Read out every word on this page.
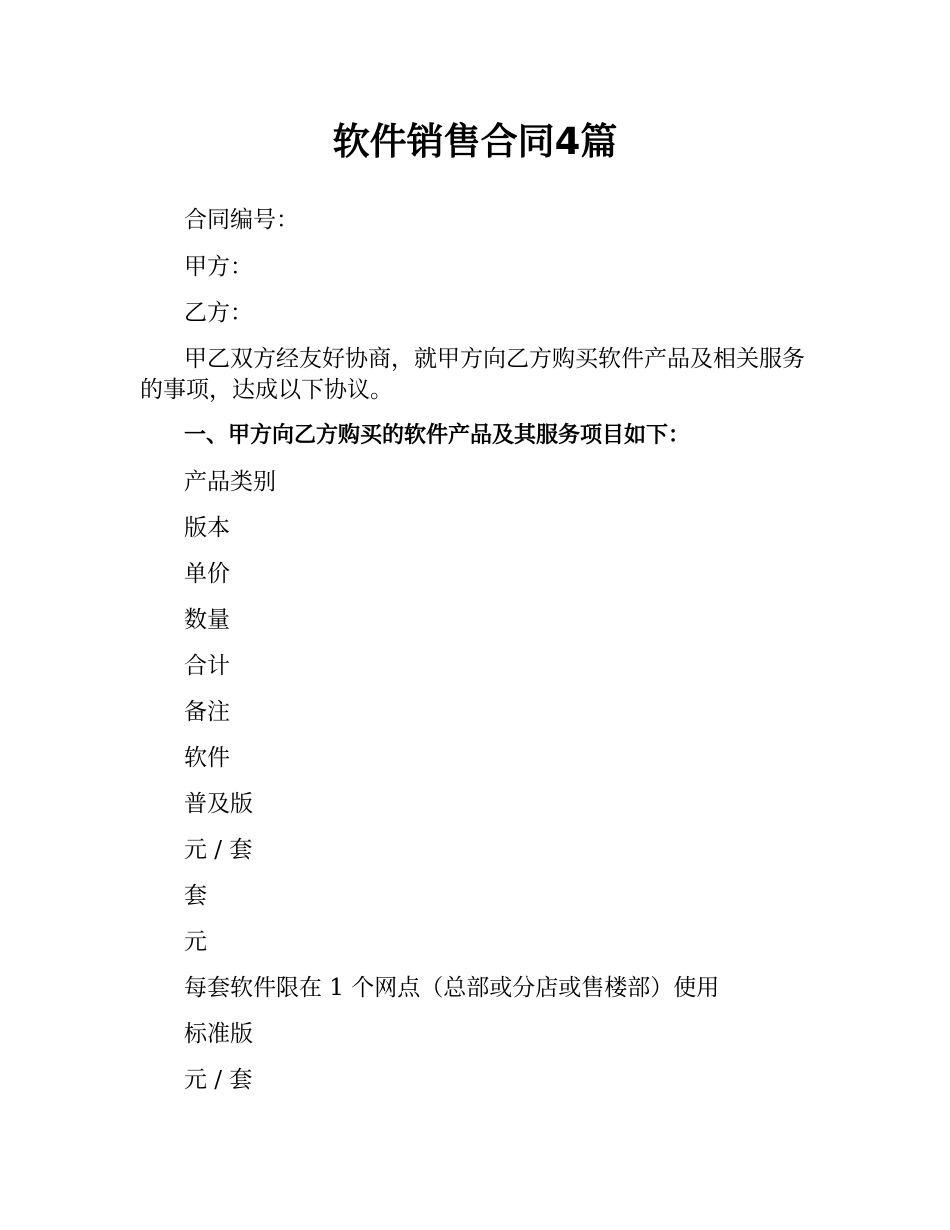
软件销售合同4篇
合同编号：
甲方：
乙方：
甲乙双方经友好协商，就甲方向乙方购买软件产品及相关服务的事项，达成以下协议。
一、甲方向乙方购买的软件产品及其服务项目如下：
产品类别
版本
单价
数量
合计
备注
软件
普及版
元 / 套
套
元
每套软件限在 1 个网点（总部或分店或售楼部）使用
标准版
元 / 套
